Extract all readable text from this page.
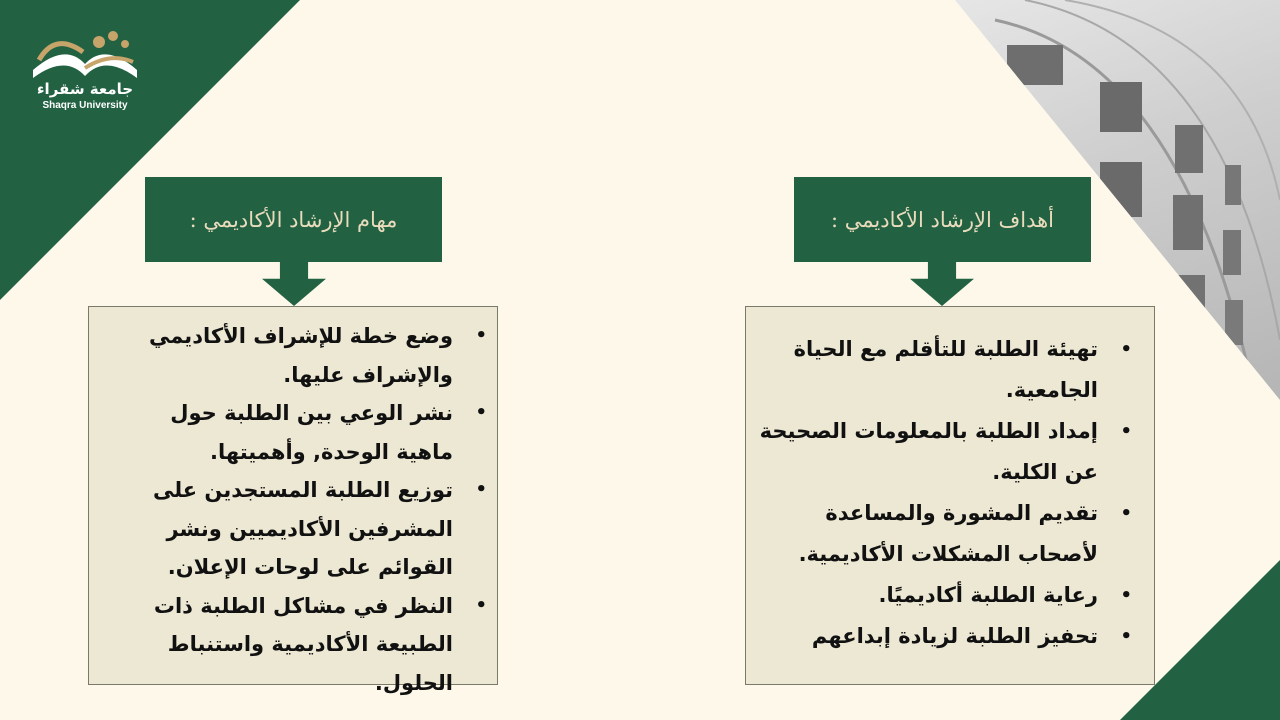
جامعة شقراء
Shaqra University
مهام الإرشاد الأكاديمي :
•
وضع خطة للإشراف الأكاديمي والإشراف عليها.
•
نشر الوعي بين الطلبة حول ماهية الوحدة, وأهميتها.
•
توزيع الطلبة المستجدين على المشرفين الأكاديميين ونشر القوائم على لوحات الإعلان.
•
النظر في مشاكل الطلبة ذات الطبيعة الأكاديمية واستنباط الحلول.
أهداف الإرشاد الأكاديمي :
•
تهيئة الطلبة للتأقلم مع الحياة الجامعية.
•
إمداد الطلبة بالمعلومات الصحيحة عن الكلية.
•
تقديم المشورة والمساعدة لأصحاب المشكلات الأكاديمية.
•
رعاية الطلبة أكاديميًا.
•
تحفيز الطلبة لزيادة إبداعهم
